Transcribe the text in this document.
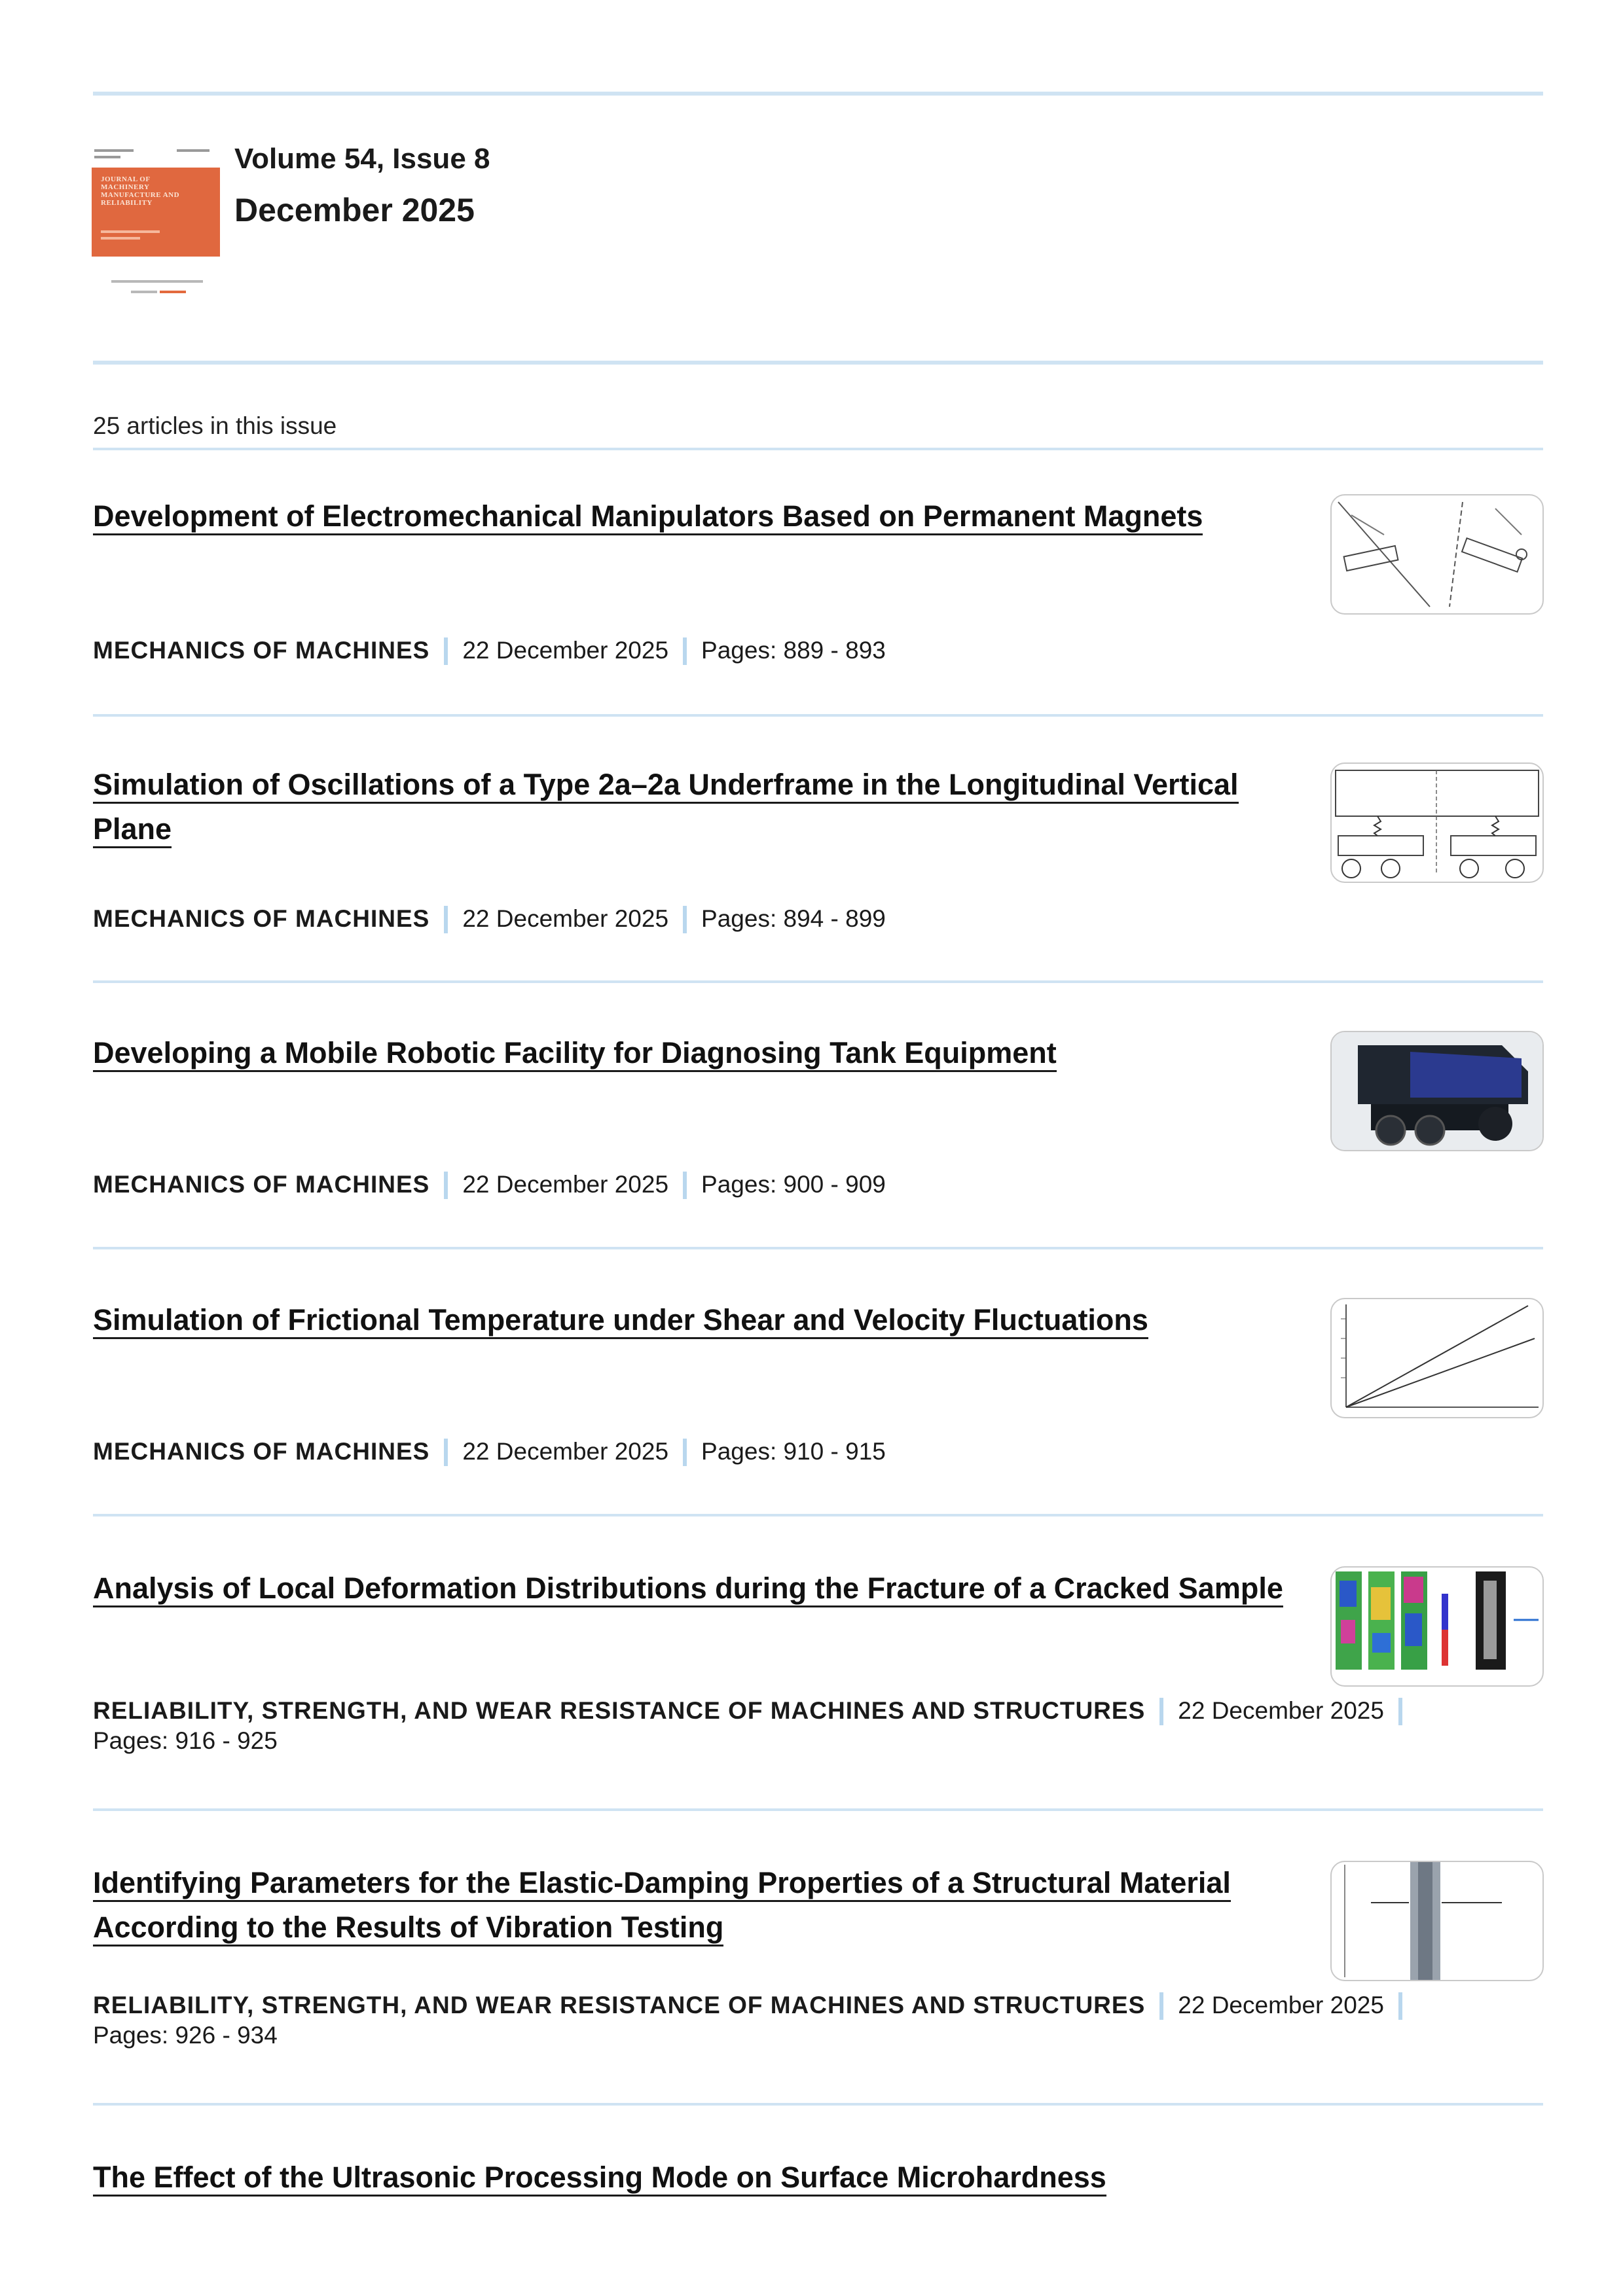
JOURNAL OF MACHINERY MANUFACTURE AND RELIABILITY
Volume 54, Issue 8
December 2025
25 articles in this issue
Development of Electromechanical Manipulators Based on Permanent Magnets
MECHANICS OF MACHINES 22 December 2025 Pages: 889 - 893
Simulation of Oscillations of a Type 2a–2a Underframe in the Longitudinal Vertical Plane
MECHANICS OF MACHINES 22 December 2025 Pages: 894 - 899
Developing a Mobile Robotic Facility for Diagnosing Tank Equipment
MECHANICS OF MACHINES 22 December 2025 Pages: 900 - 909
Simulation of Frictional Temperature under Shear and Velocity Fluctuations
MECHANICS OF MACHINES 22 December 2025 Pages: 910 - 915
Analysis of Local Deformation Distributions during the Fracture of a Cracked Sample
RELIABILITY, STRENGTH, AND WEAR RESISTANCE OF MACHINES AND STRUCTURES 22 December 2025
Pages: 916 - 925
Identifying Parameters for the Elastic-Damping Properties of a Structural Material According to the Results of Vibration Testing
RELIABILITY, STRENGTH, AND WEAR RESISTANCE OF MACHINES AND STRUCTURES 22 December 2025
Pages: 926 - 934
The Effect of the Ultrasonic Processing Mode on Surface Microhardness
